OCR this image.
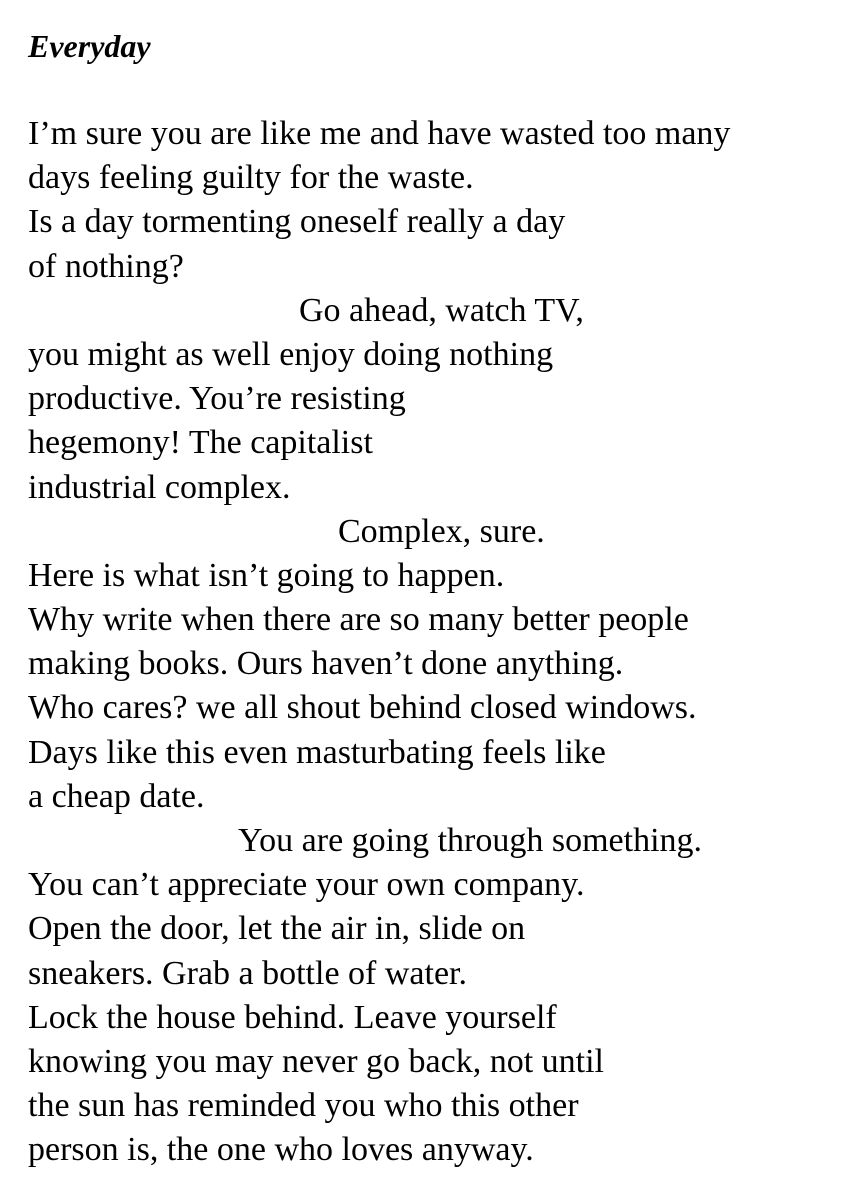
Everyday
I’m sure you are like me and have wasted too many
days feeling guilty for the waste.
Is a day tormenting oneself really a day
of nothing?
Go ahead, watch TV,
you might as well enjoy doing nothing
productive. You’re resisting
hegemony! The capitalist
industrial complex.
Complex, sure.
Here is what isn’t going to happen.
Why write when there are so many better people
making books. Ours haven’t done anything.
Who cares? we all shout behind closed windows.
Days like this even masturbating feels like
a cheap date.
You are going through something.
You can’t appreciate your own company.
Open the door, let the air in, slide on
sneakers. Grab a bottle of water.
Lock the house behind. Leave yourself
knowing you may never go back, not until
the sun has reminded you who this other
person is, the one who loves anyway.
